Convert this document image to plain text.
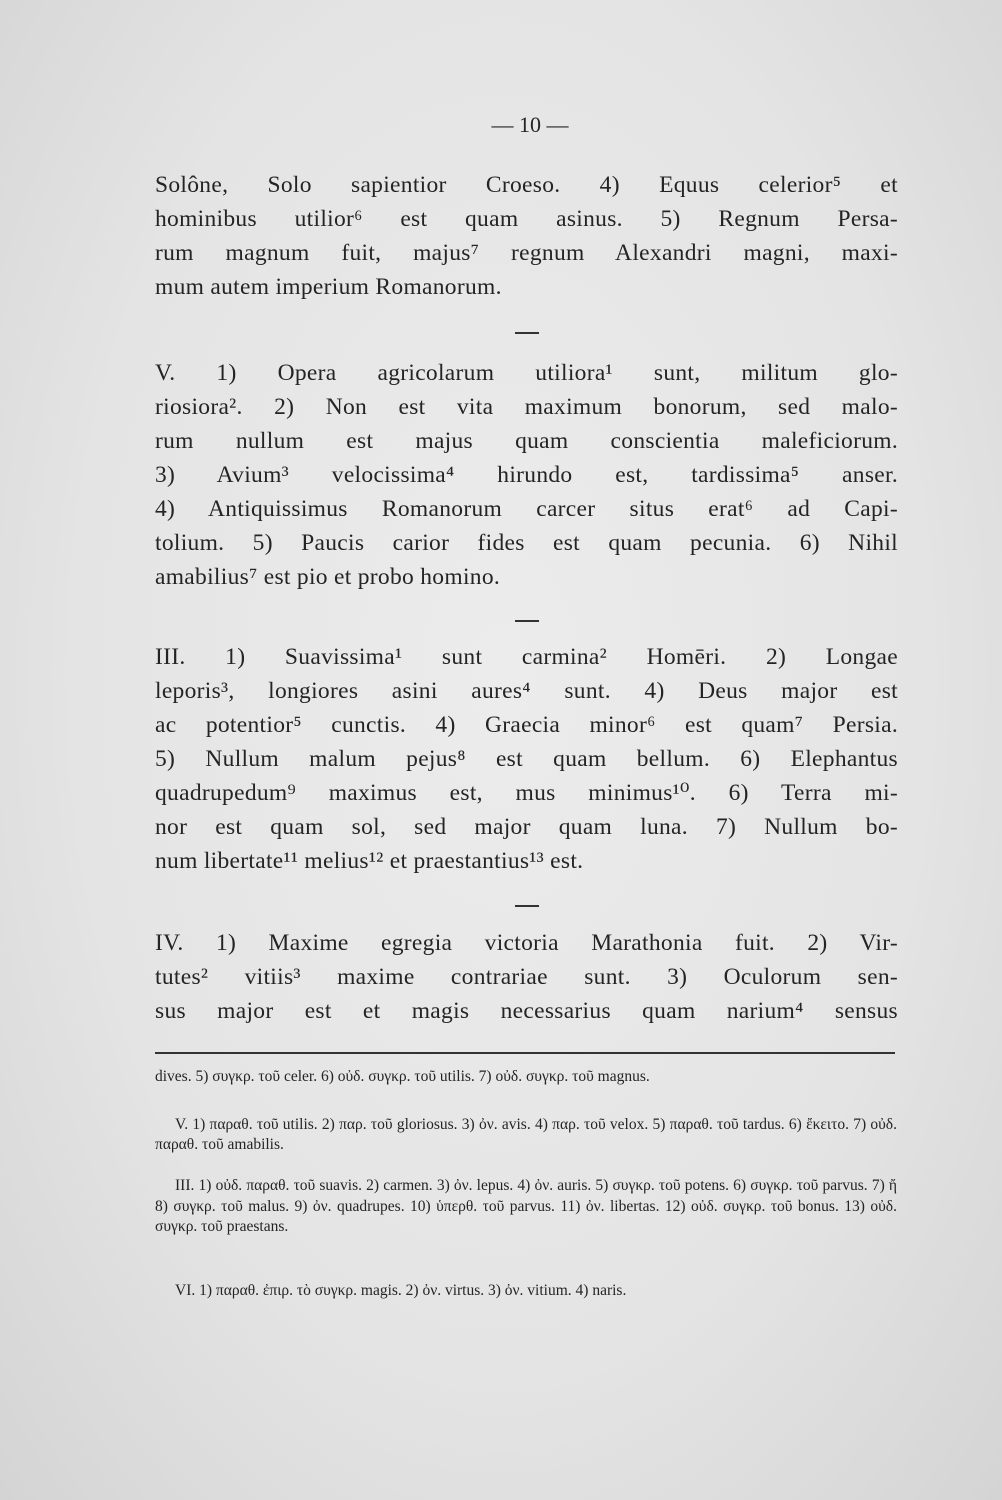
— 10 —
Solône, Solo sapientior Croeso. 4) Equus celerior⁵ et
hominibus utilior⁶ est quam asinus. 5) Regnum Persa-
rum magnum fuit, majus⁷ regnum Alexandri magni, maxi-
mum autem imperium Romanorum.
V. 1) Opera agricolarum utiliora¹ sunt, militum glo-
riosiora². 2) Non est vita maximum bonorum, sed malo-
rum nullum est majus quam conscientia maleficiorum.
3) Avium³ velocissima⁴ hirundo est, tardissima⁵ anser.
4) Antiquissimus Romanorum carcer situs erat⁶ ad Capi-
tolium. 5) Paucis carior fides est quam pecunia. 6) Nihil
amabilius⁷ est pio et probo homino.
III. 1) Suavissima¹ sunt carmina² Homēri. 2) Longae
leporis³, longiores asini aures⁴ sunt. 4) Deus major est
ac potentior⁵ cunctis. 4) Graecia minor⁶ est quam⁷ Persia.
5) Nullum malum pejus⁸ est quam bellum. 6) Elephantus
quadrupedum⁹ maximus est, mus minimus¹⁰. 6) Terra mi-
nor est quam sol, sed major quam luna. 7) Nullum bo-
num libertate¹¹ melius¹² et praestantius¹³ est.
IV. 1) Maxime egregia victoria Marathonia fuit. 2) Vir-
tutes² vitiis³ maxime contrariae sunt. 3) Oculorum sen-
sus major est et magis necessarius quam narium⁴ sensus
dives. 5) συγκρ. τοῦ celer. 6) οὐδ. συγκρ. τοῦ utilis. 7) οὐδ. συγκρ. τοῦ magnus.
V. 1) παραθ. τοῦ utilis. 2) παρ. τοῦ gloriosus. 3) ὀν. avis. 4) παρ. τοῦ velox. 5) παραθ. τοῦ tardus. 6) ἔκειτο. 7) οὐδ. παραθ. τοῦ amabilis.
III. 1) οὐδ. παραθ. τοῦ suavis. 2) carmen. 3) ὀν. lepus. 4) ὀν. auris. 5) συγκρ. τοῦ potens. 6) συγκρ. τοῦ parvus. 7) ἤ 8) συγκρ. τοῦ malus. 9) ὀν. quadrupes. 10) ὑπερθ. τοῦ parvus. 11) ὀν. libertas. 12) οὐδ. συγκρ. τοῦ bonus. 13) οὐδ. συγκρ. τοῦ praestans.
VI. 1) παραθ. ἐπιρ. τὸ συγκρ. magis. 2) ὀν. virtus. 3) ὀν. vitium. 4) naris.
